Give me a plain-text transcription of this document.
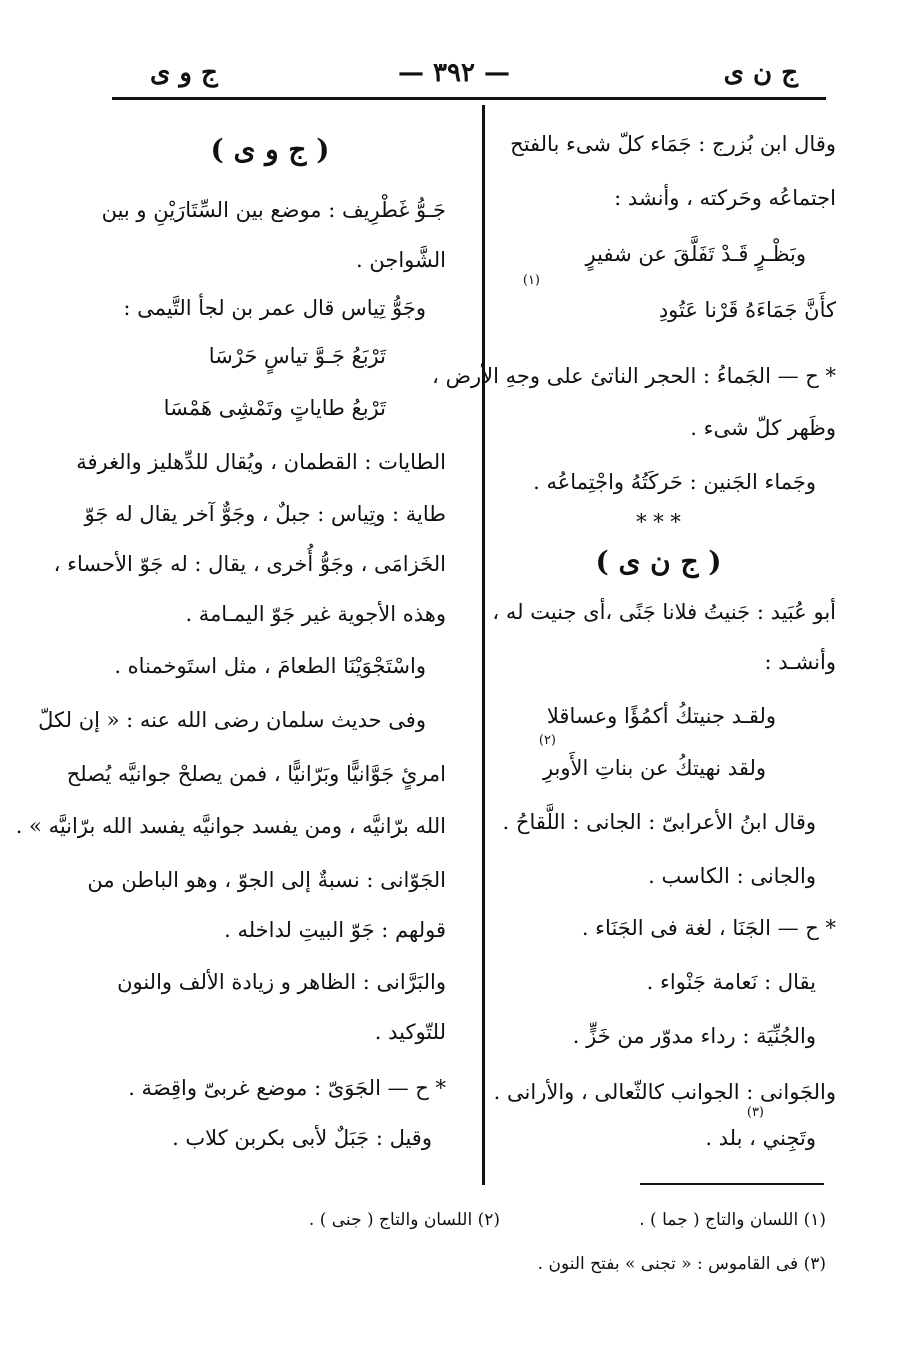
ج ن ى
— ٣٩٢ —
ج و ى
وقال ابن بُزرج : جَمَاء كلّ شىء بالفتح
اجتماعُه وحَركته ، وأنشد :
وبَظْـرٍ قَـدْ تَفَلَّقَ عن شفيرٍ
كأَنَّ جَمَاءَهُ قَرْنا عَتُودِ
(١)
* ح — الجَماءُ : الحجر الناتئ على وجهِ الأرض ،
وظَهر كلّ شىء .
وجَماء الجَنين : حَركَتُهُ واجْتِماعُه .
* * *
( ج ن ى )
أبو عُبَيد : جَنيتُ فلانا جَنًى ،أى جنيت له ،
وأنشـد :
ولقـد جنيتكُ أكمُؤًا وعساقلا
ولقد نهيتكُ عن بناتِ الأَوبرِ
(٢)
وقال ابنُ الأعرابىّ : الجانى : اللَّقاحُ .
والجانى : الكاسب .
* ح — الجَنَا ، لغة فى الجَنَاء .
يقال : نَعامة جَنْواء .
والجُنِّيَة : رداء مدوّر من خَزٍّ .
والجَوانى : الجوانب كالثّعالى ، والأرانى .
(٣)
وتَجِني ، بلد .
( ج و ى )
جَـوُّ غَطْرِيف : موضع بين السِّتَارَيْنِ و بين
الشَّواجن .
وجَوُّ تِياس قال عمر بن لجأ التَّيمى :
تَرْبَعُ جَـوَّ تياسٍ حَرْسَا
تَرْبعُ طاياتٍ وتَمْشِى هَمْسَا
الطايات : القطمان ، ويُقال للدِّهليز والغرفة
طاية : وتِياس : جبلٌ ، وجَوٌّ آخر يقال له جَوّ
الخَزامَى ، وجَوُّ أُخرى ، يقال : له جَوّ الأحساء ،
وهذه الأجوية غير جَوّ اليمـامة .
واسْتَجْوَيْنَا الطعامَ ، مثل استَوخمناه .
وفى حديث سلمان رضى الله عنه : « إن لكلّ
امرئٍ جَوَّانيًّا وبَرّانيًّا ، فمن يصلحْ جوانيَّه يُصلح
الله برّانيَّه ، ومن يفسد جوانيَّه يفسد الله برّانيَّه » .
الجَوّانى : نسبةٌ إلى الجوّ ، وهو الباطن من
قولهم : جَوّ البيتِ لداخله .
والبَرَّانى : الظاهر و زيادة الألف والنون
للتّوكيد .
* ح — الجَوَىّ : موضع غربىّ واقِصَة .
وقيل : جَبَلٌ لأبى بكربن كلاب .
(١) اللسان والتاج ( جما ) .
(٢) اللسان والتاج ( جنى ) .
(٣) فى القاموس : « تجنى » بفتح النون .
